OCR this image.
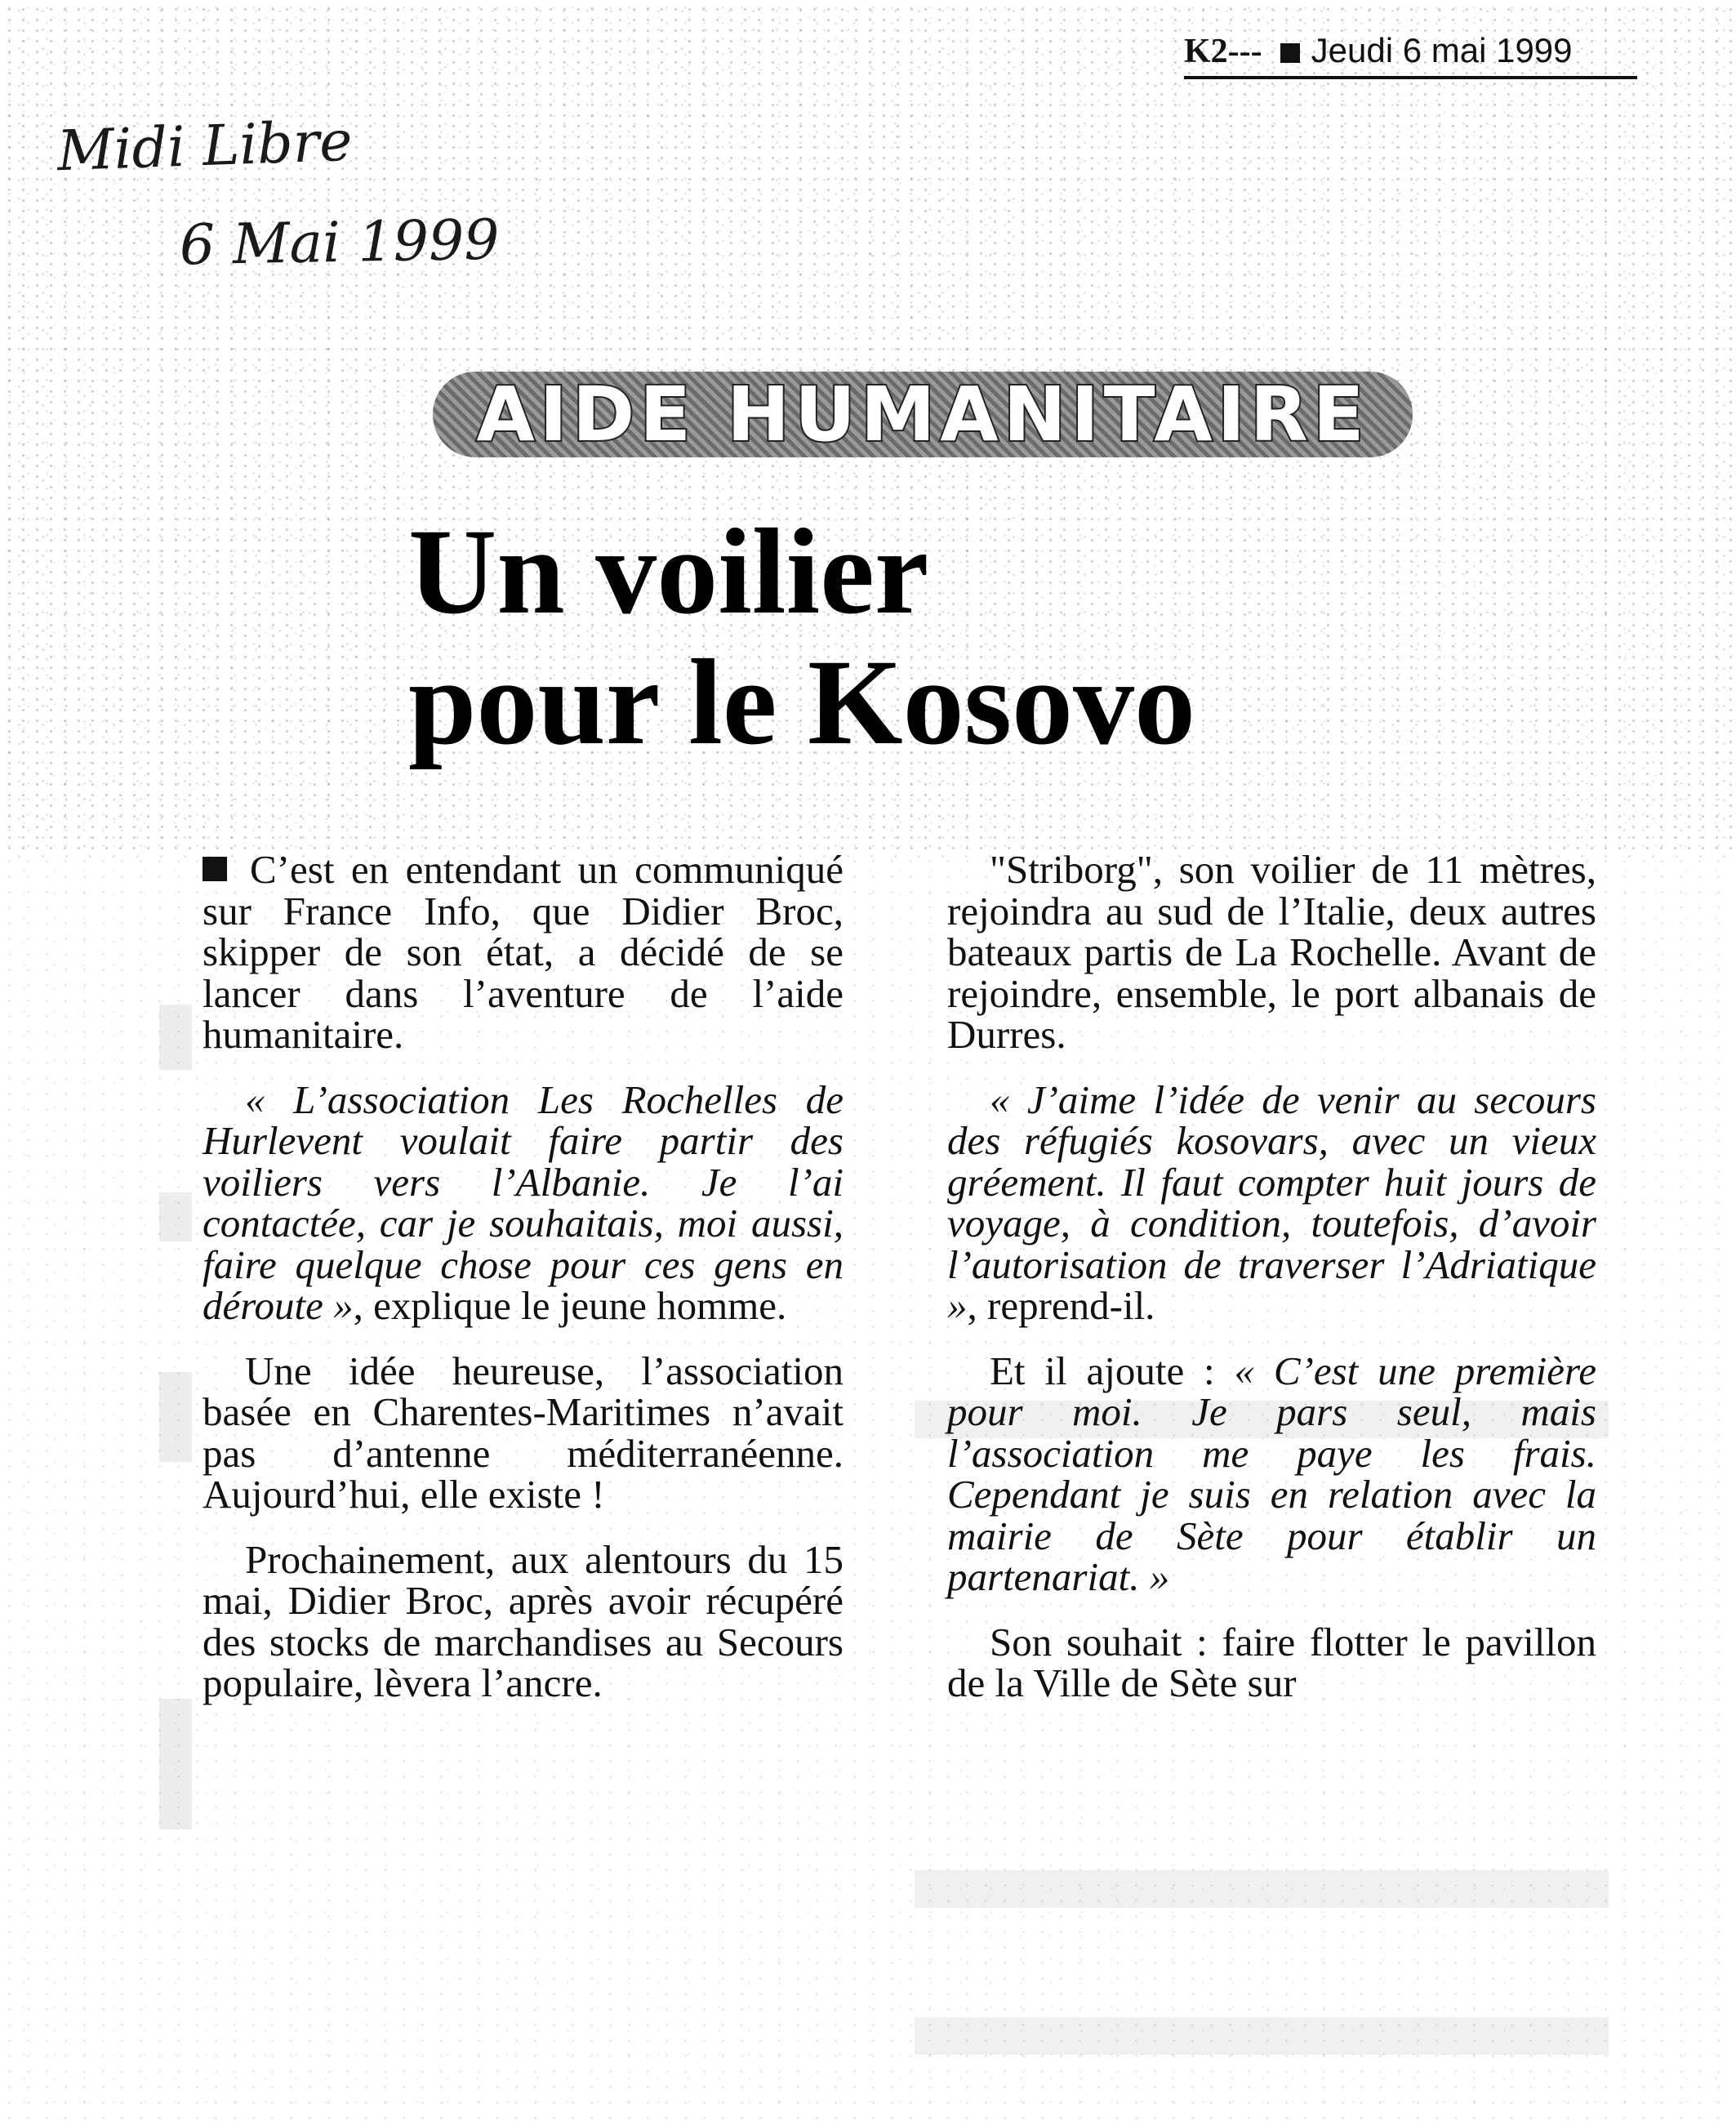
K2--- Jeudi 6 mai 1999
Midi Libre
6 Mai 1999
AIDE HUMANITAIRE
Un voilier
pour le Kosovo

C’est en entendant un communiqué sur France Info, que Didier Broc, skipper de son état, a décidé de se lancer dans l’aventure de l’aide humanitaire.

« L’association Les Rochelles de Hurlevent voulait faire partir des voiliers vers l’Albanie. Je l’ai contactée, car je souhaitais, moi aussi, faire quelque chose pour ces gens en déroute », explique le jeune homme.

Une idée heureuse, l’association basée en Charentes-Maritimes n’avait pas d’antenne méditerranéenne. Aujourd’hui, elle existe !

Prochainement, aux alentours du 15 mai, Didier Broc, après avoir récupéré des stocks de marchandises au Secours populaire, lèvera l’ancre.

"Striborg", son voilier de 11 mètres, rejoindra au sud de l’Italie, deux autres bateaux partis de La Rochelle. Avant de rejoindre, ensemble, le port albanais de Durres.

« J’aime l’idée de venir au secours des réfugiés kosovars, avec un vieux gréement. Il faut compter huit jours de voyage, à condition, toutefois, d’avoir l’autorisation de traverser l’Adriatique », reprend-il.

Et il ajoute : « C’est une première pour moi. Je pars seul, mais l’association me paye les frais. Cependant je suis en relation avec la mairie de Sète pour établir un partenariat. »

Son souhait : faire flotter le pavillon de la Ville de Sète sur
